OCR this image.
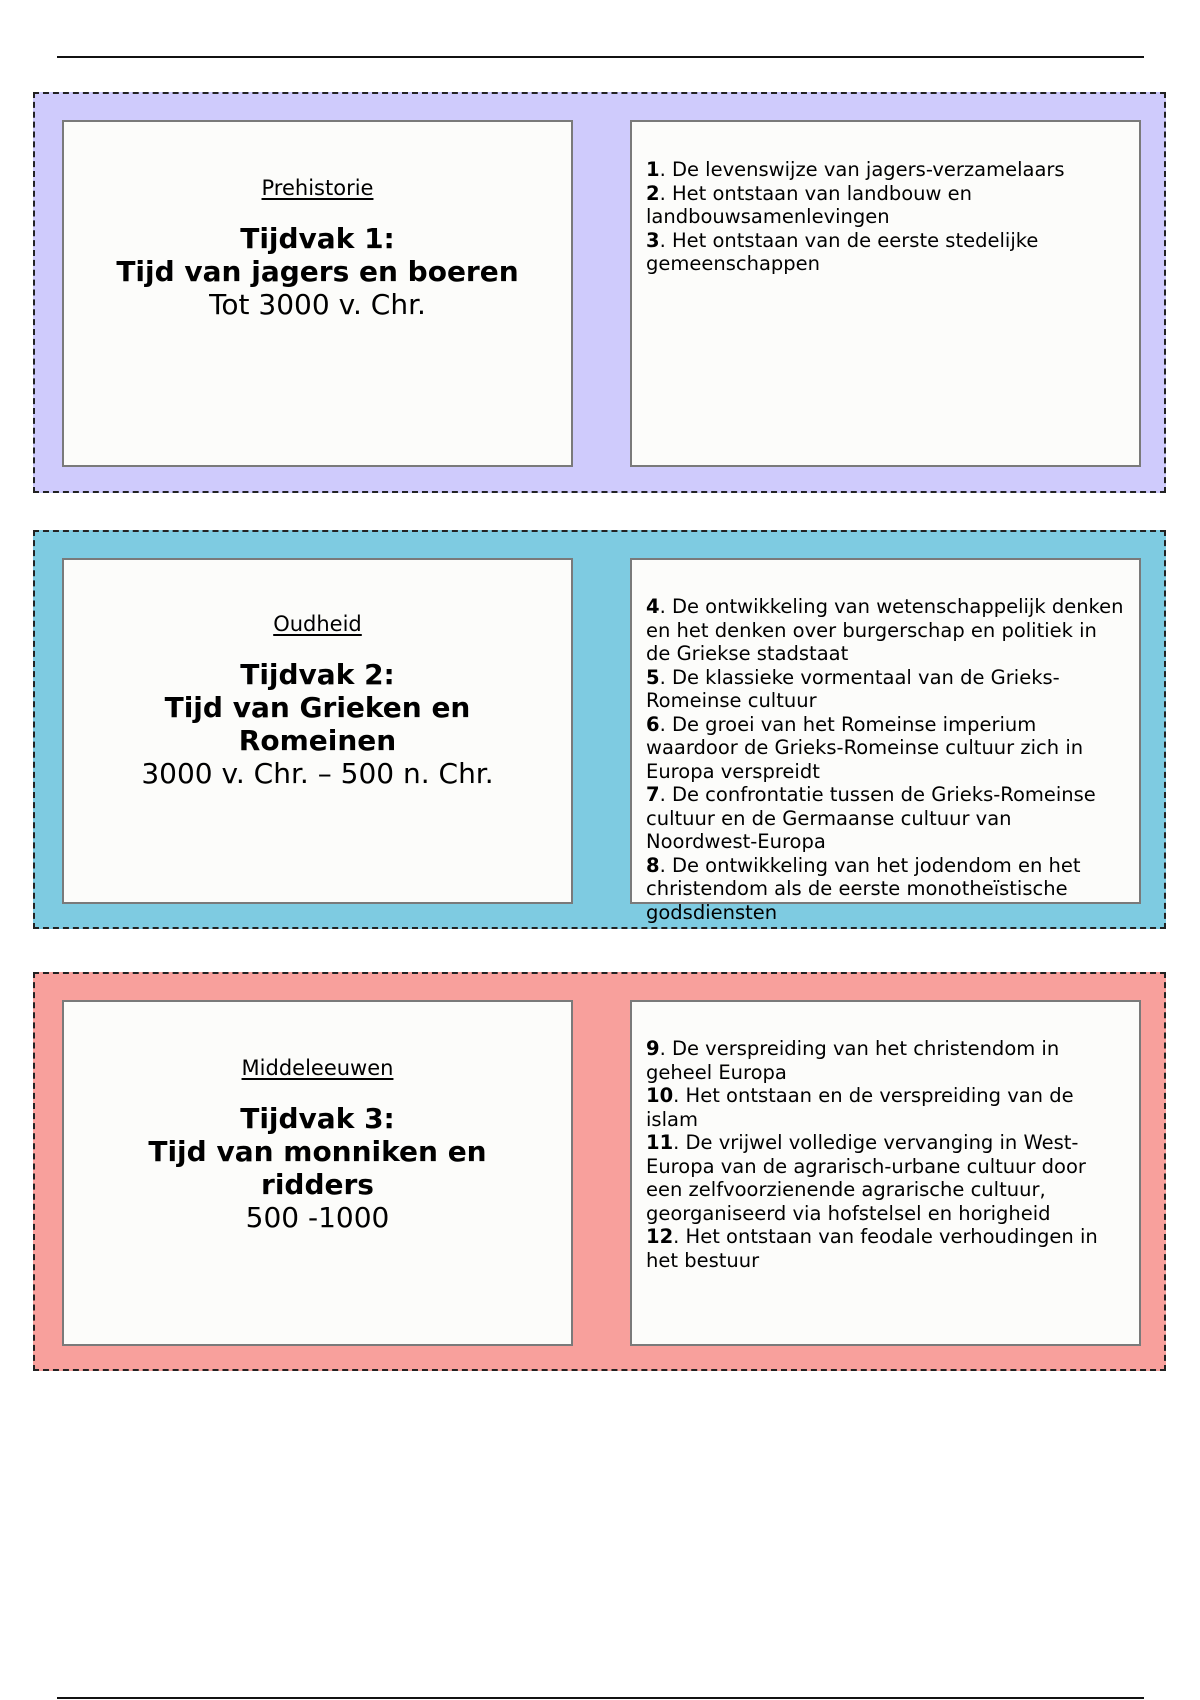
Prehistorie
Tijdvak 1:
Tijd van jagers en boeren
Tot 3000 v. Chr.
1. De levenswijze van jagers-verzamelaars
2. Het ontstaan van landbouw en landbouwsamenlevingen
3. Het ontstaan van de eerste stedelijke gemeenschappen
Oudheid
Tijdvak 2:
Tijd van Grieken en Romeinen
3000 v. Chr. – 500 n. Chr.
4. De ontwikkeling van wetenschappelijk denken en het denken over burgerschap en politiek in de Griekse stadstaat
5. De klassieke vormentaal van de Grieks-Romeinse cultuur
6. De groei van het Romeinse imperium waardoor de Grieks-Romeinse cultuur zich in Europa verspreidt
7. De confrontatie tussen de Grieks-Romeinse cultuur en de Germaanse cultuur van Noordwest-Europa
8. De ontwikkeling van het jodendom en het christendom als de eerste monotheïstische godsdiensten
Middeleeuwen
Tijdvak 3:
Tijd van monniken en ridders
500 -1000
9. De verspreiding van het christendom in geheel Europa
10. Het ontstaan en de verspreiding van de islam
11. De vrijwel volledige vervanging in West-Europa van de agrarisch-urbane cultuur door een zelfvoorzienende agrarische cultuur, georganiseerd via hofstelsel en horigheid
12. Het ontstaan van feodale verhoudingen in het bestuur
